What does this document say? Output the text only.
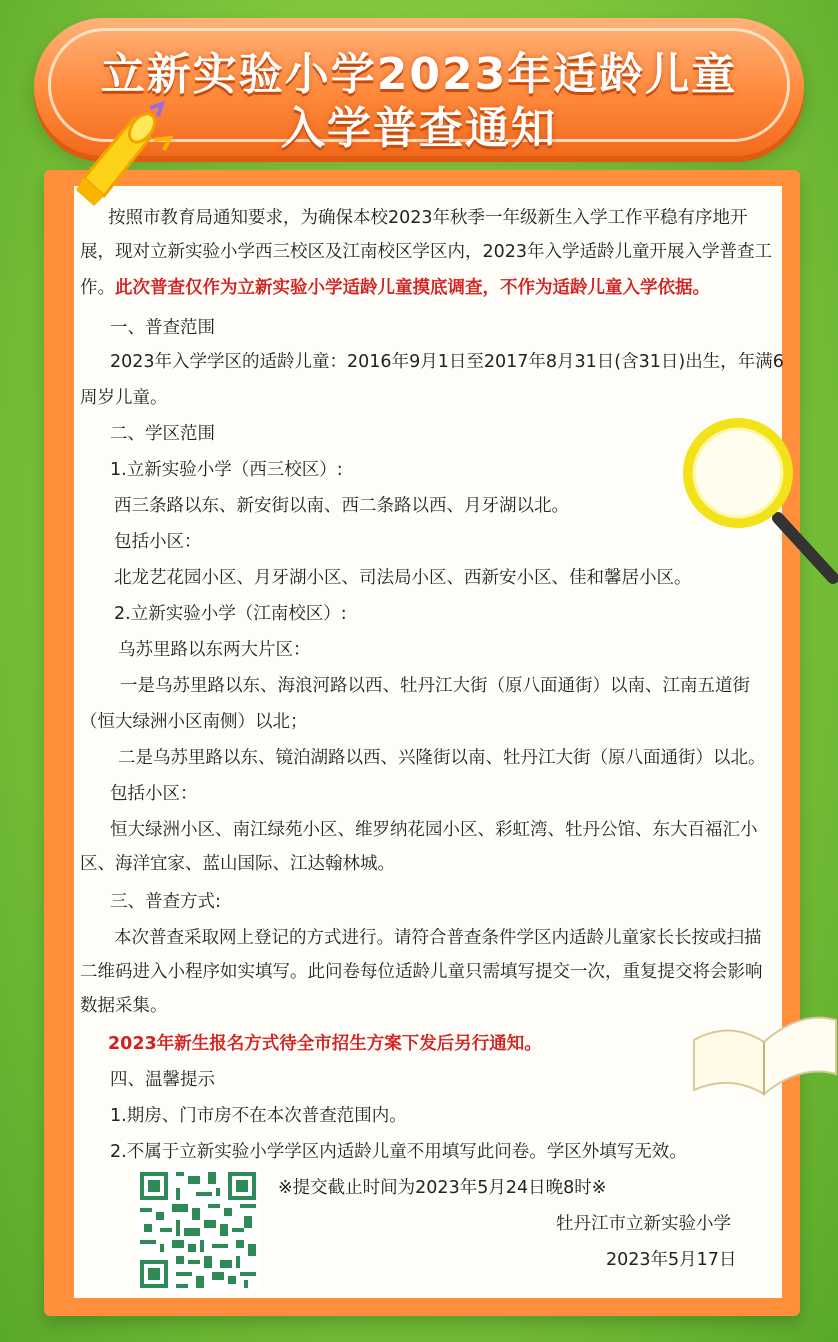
立新实验小学2023年适龄儿童
入学普查通知
按照市教育局通知要求，为确保本校2023年秋季一年级新生入学工作平稳有序地开
展，现对立新实验小学西三校区及江南校区学区内，2023年入学适龄儿童开展入学普查工
作。此次普查仅作为立新实验小学适龄儿童摸底调查，不作为适龄儿童入学依据。
一、普查范围
2023年入学学区的适龄儿童：2016年9月1日至2017年8月31日(含31日)出生，年满6
周岁儿童。
二、学区范围
1.立新实验小学（西三校区）:
西三条路以东、新安街以南、西二条路以西、月牙湖以北。
包括小区：
北龙艺花园小区、月牙湖小区、司法局小区、西新安小区、佳和馨居小区。
2.立新实验小学（江南校区）:
乌苏里路以东两大片区：
一是乌苏里路以东、海浪河路以西、牡丹江大街（原八面通街）以南、江南五道街
（恒大绿洲小区南侧）以北；
二是乌苏里路以东、镜泊湖路以西、兴隆街以南、牡丹江大街（原八面通街）以北。
包括小区：
恒大绿洲小区、南江绿苑小区、维罗纳花园小区、彩虹湾、牡丹公馆、东大百福汇小
区、海洋宜家、蓝山国际、江达翰林城。
三、普查方式:
本次普查采取网上登记的方式进行。请符合普查条件学区内适龄儿童家长长按或扫描
二维码进入小程序如实填写。此问卷每位适龄儿童只需填写提交一次，重复提交将会影响
数据采集。
2023年新生报名方式待全市招生方案下发后另行通知。
四、温馨提示
1.期房、门市房不在本次普查范围内。
2.不属于立新实验小学学区内适龄儿童不用填写此问卷。学区外填写无效。
※提交截止时间为2023年5月24日晚8时※
牡丹江市立新实验小学
2023年5月17日
